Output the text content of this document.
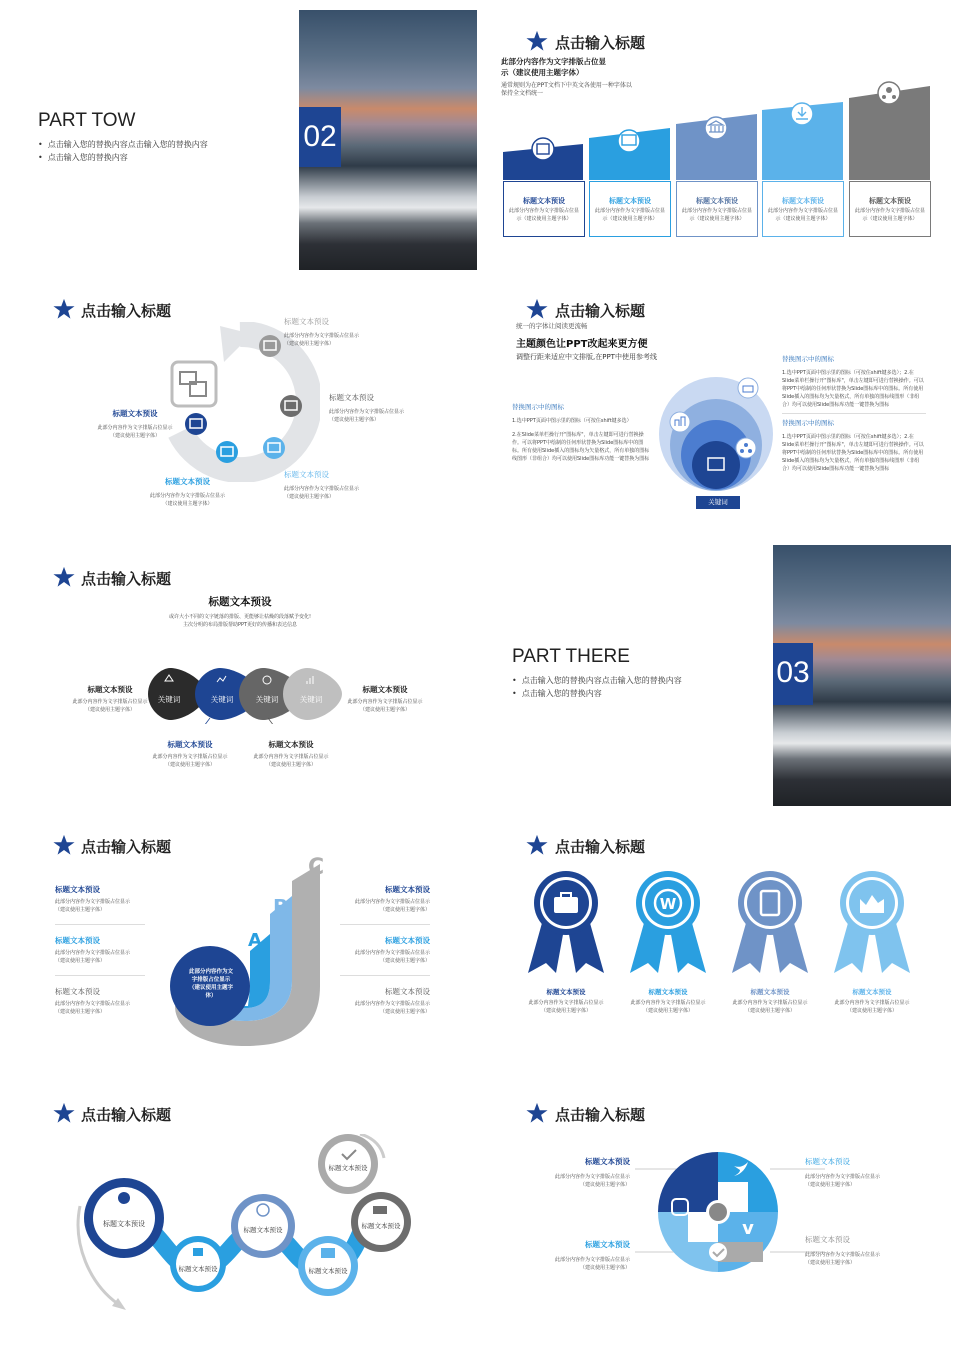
PART TOW
•  点击输入您的替换内容点击输入您的替换内容
•  点击输入您的替换内容
02
点击输入标题
此部分内容作为文字排版占位显
示（建议使用主题字体）
通常规则为在PPT文档下中英文各使用一种字体以
保持全文档统一
标题文本预设
此部分内容作为文字排版占位显示（建议使用主题字体）
标题文本预设
此部分内容作为文字排版占位显示（建议使用主题字体）
标题文本预设
此部分内容作为文字排版占位显示（建议使用主题字体）
标题文本预设
此部分内容作为文字排版占位显示（建议使用主题字体）
标题文本预设
此部分内容作为文字排版占位显示（建议使用主题字体）
点击输入标题
标题文本预设
此部分内容作为文字排版占位显示
（建议使用主题字体）
标题文本预设
此部分内容作为文字排版占位显示
（建议使用主题字体）
标题文本预设
此部分内容作为文字排版占位显示
（建议使用主题字体）
标题文本预设
此部分内容作为文字排版占位显示
（建议使用主题字体）
标题文本预设
此部分内容作为文字排版占位显示
（建议使用主题字体）
点击输入标题
统一的字体让阅读更流畅
主题颜色让PPT改起来更方便
调整行距来适应中文排版,在PPT中使用参考线
替换图示中的图标
1.选中PPT页面中图示里的图标（可按住shift键多选）
2.在Slide菜单栏操行开"图标库"，单击左键即可进行替换操作。可以将PPT中绘制的任何形状替换为Slide图标库中的图标。所有使用Slide插入的图标均为矢量格式，所有单独的图标线图形（非组合）均可以使用Slide图标库功能一键替换为图标
关键词
替换图示中的图标
1.选中PPT页面中图示里的图标（可按住shift键多选）；2.在Slide菜单栏操行开"图标库"，单击左键即可进行替换操作。可以将PPT中绘制的任何形状替换为Slide图标库中的图标。所有使用Slide插入的图标均为矢量格式，所有单独的图标线图形（非组合）均可以使用Slide图标库功能一键替换为图标
替换图示中的图标
1.选中PPT页面中图示里的图标（可按住shift键多选）；2.在Slide菜单栏操行开"图标库"，单击左键即可进行替换操作。可以将PPT中绘制的任何形状替换为Slide图标库中的图标。所有使用Slide插入的图标均为矢量格式，所有单独的图标线图形（非组合）均可以使用Slide图标库功能一键替换为图标
点击输入标题
标题文本预设
或许大小不同的文字链落的排版、更能够让枯燥的段落赋予变化!
主次分明的布局排版帮助PPT更好的传播和表达信息
关键词	关键词	关键词	关键词
标题文本预设
此部分内容作为文字排版占位显示
（建议使用主题字体）
标题文本预设
此部分内容作为文字排版占位显示
（建议使用主题字体）
标题文本预设
此部分内容作为文字排版占位显示
（建议使用主题字体）
标题文本预设
此部分内容作为文字排版占位显示
（建议使用主题字体）
PART THERE
•  点击输入您的替换内容点击输入您的替换内容
•  点击输入您的替换内容
03
点击输入标题
C
B
A
此部分内容作为文
字排版占位显示
（建议使用主题字
体）
标题文本预设
此部分内容作为文字排版占位显示
（建议使用主题字体）
标题文本预设
此部分内容作为文字排版占位显示
（建议使用主题字体）
标题文本预设
此部分内容作为文字排版占位显示
（建议使用主题字体）
标题文本预设
此部分内容作为文字排版占位显示
（建议使用主题字体）
标题文本预设
此部分内容作为文字排版占位显示
（建议使用主题字体）
标题文本预设
此部分内容作为文字排版占位显示
（建议使用主题字体）
点击输入标题
W
标题文本预设
此部分内容作为文字排版占位显示
（建议使用主题字体）
标题文本预设
此部分内容作为文字排版占位显示
（建议使用主题字体）
标题文本预设
此部分内容作为文字排版占位显示
（建议使用主题字体）
标题文本预设
此部分内容作为文字排版占位显示
（建议使用主题字体）
点击输入标题
标题文本预设
标题文本预设
标题文本预设
标题文本预设
标题文本预设
标题文本预设
点击输入标题
v
标题文本预设
此部分内容作为文字排版占位显示
（建议使用主题字体）
标题文本预设
此部分内容作为文字排版占位显示
（建议使用主题字体）
标题文本预设
此部分内容作为文字排版占位显示
（建议使用主题字体）
标题文本预设
此部分内容作为文字排版占位显示
（建议使用主题字体）
